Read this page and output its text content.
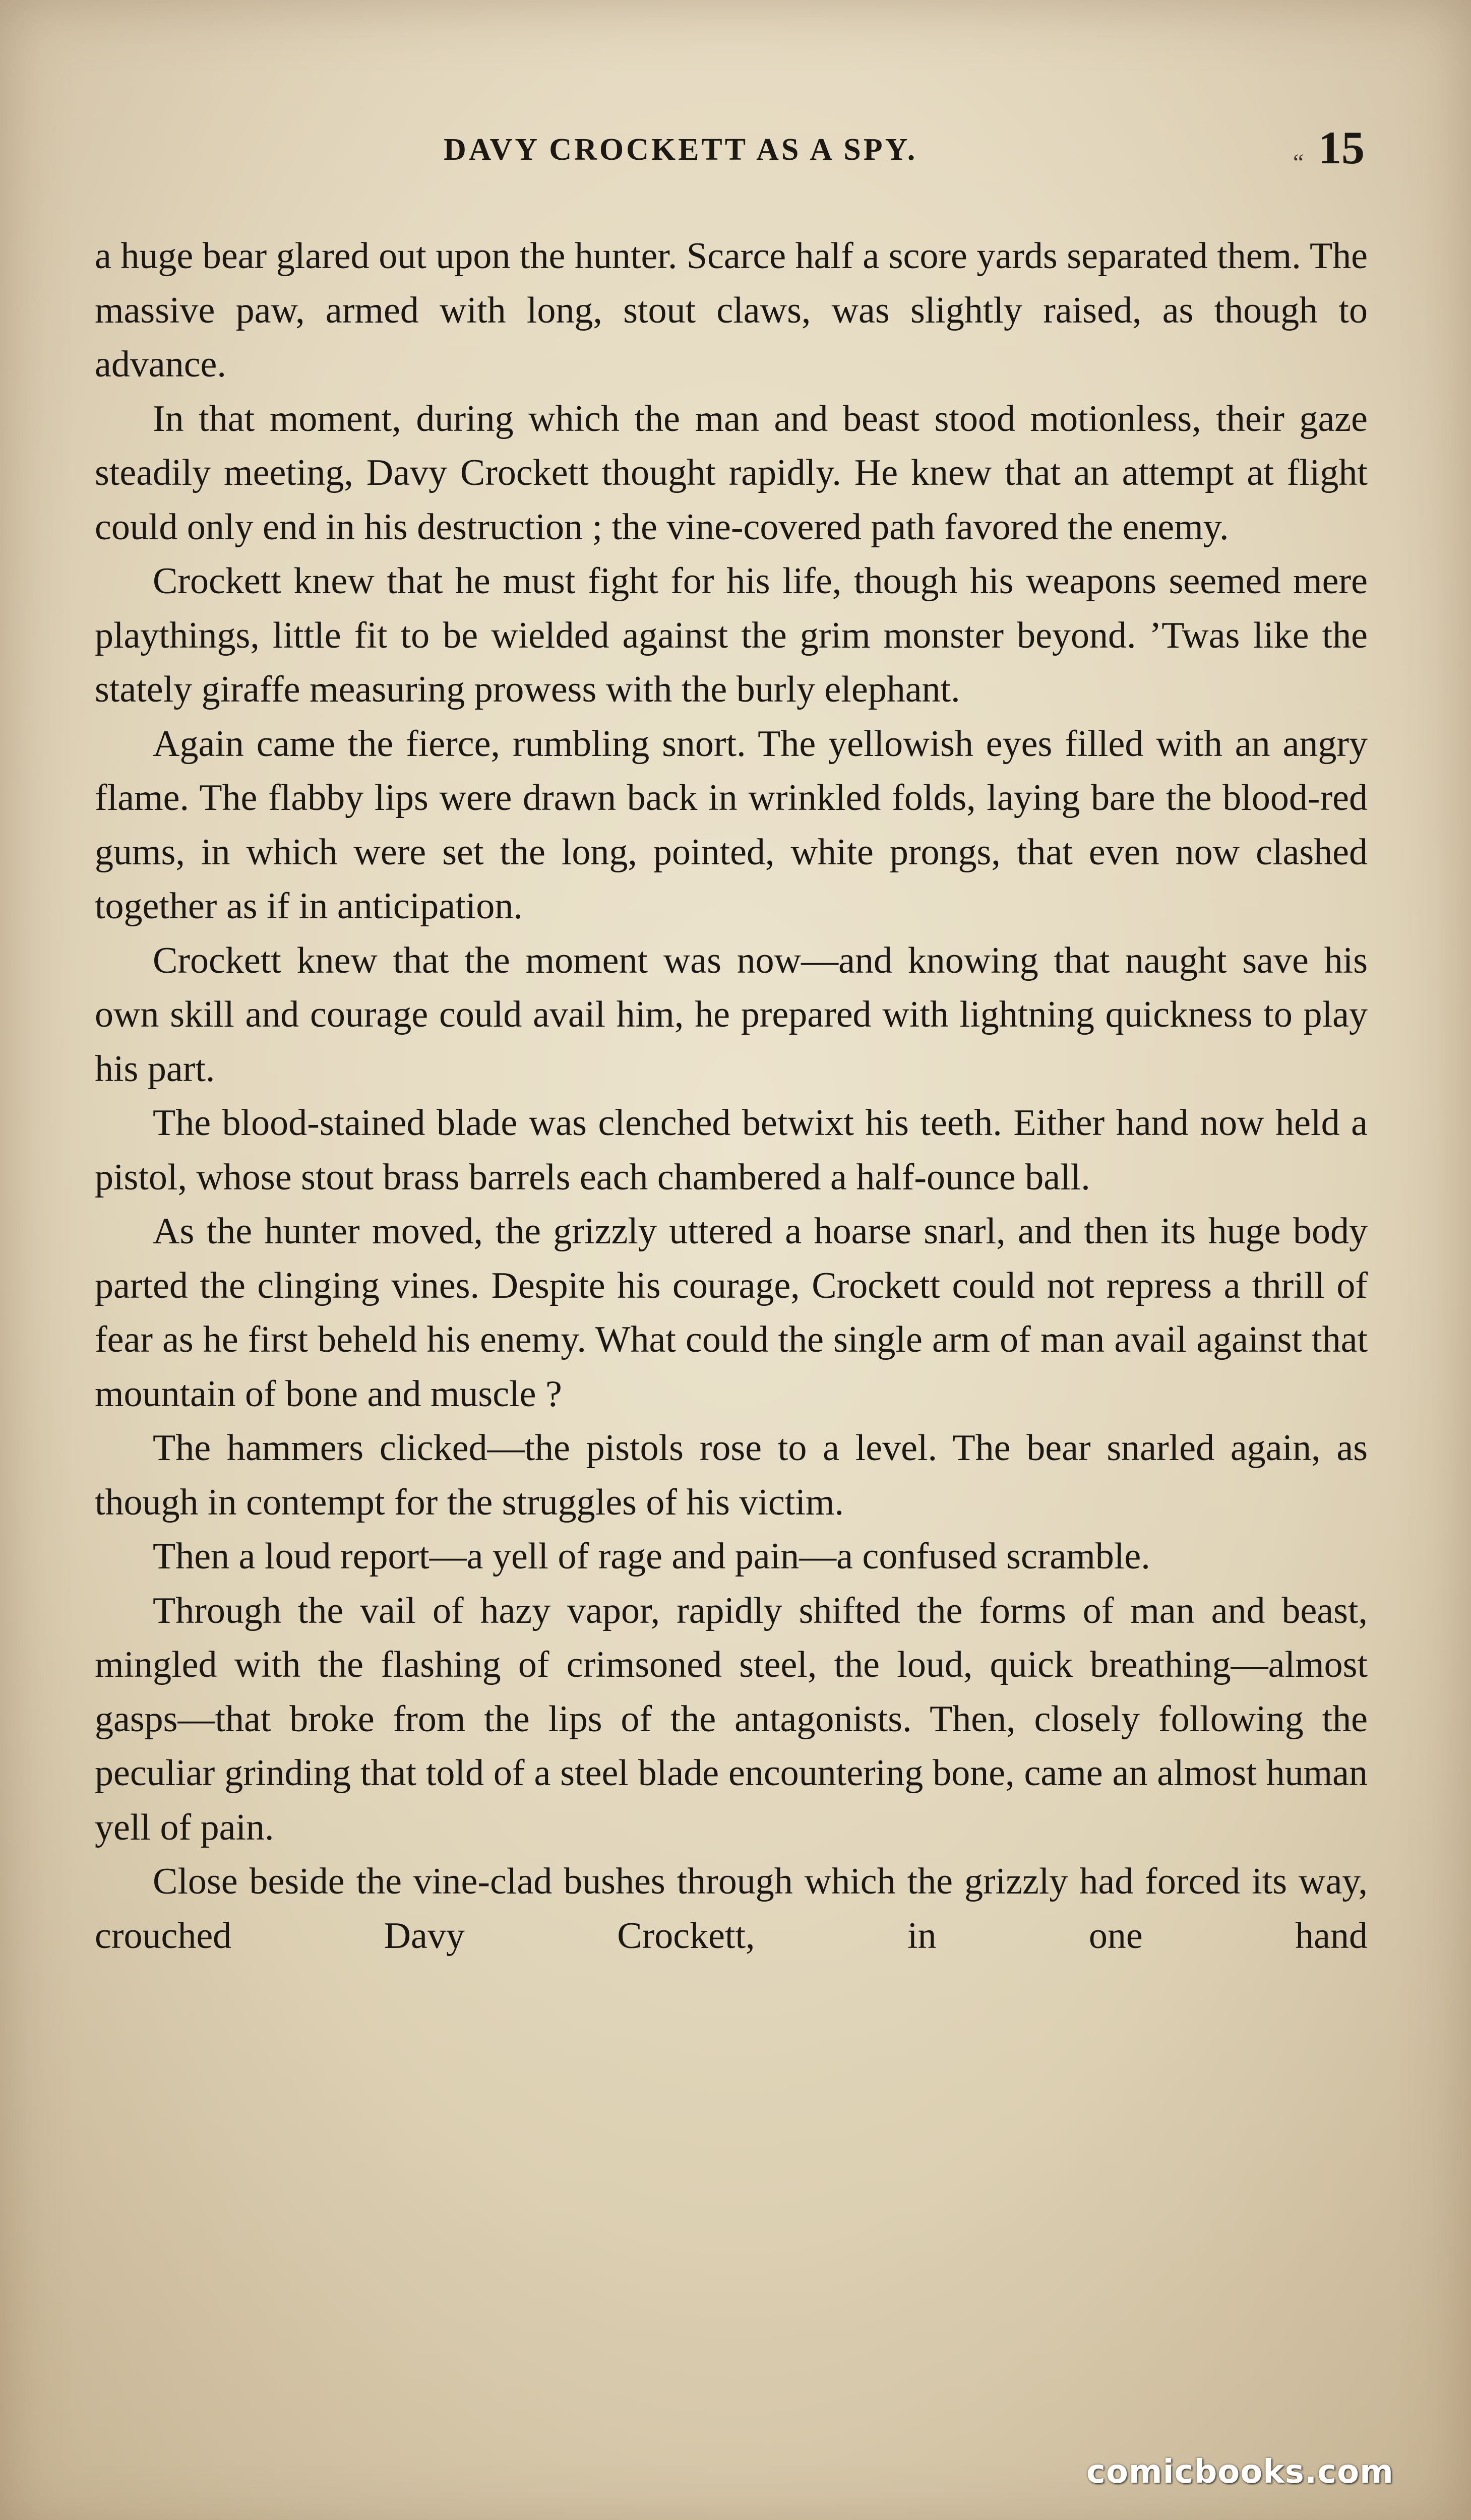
“
DAVY CROCKETT AS A SPY.	15

a huge bear glared out upon the hunter. Scarce half a score yards separated them. The massive paw, armed with long, stout claws, was slightly raised, as though to advance.

In that moment, during which the man and beast stood motionless, their gaze steadily meeting, Davy Crockett thought rapidly. He knew that an attempt at flight could only end in his destruction ; the vine-covered path favored the enemy.

Crockett knew that he must fight for his life, though his weapons seemed mere playthings, little fit to be wielded against the grim monster beyond. ’Twas like the stately giraffe measuring prowess with the burly elephant.

Again came the fierce, rumbling snort. The yellowish eyes filled with an angry flame. The flabby lips were drawn back in wrinkled folds, laying bare the blood-red gums, in which were set the long, pointed, white prongs, that even now clashed together as if in anticipation.

Crockett knew that the moment was now—and knowing that naught save his own skill and courage could avail him, he prepared with lightning quickness to play his part.

The blood-stained blade was clenched betwixt his teeth. Either hand now held a pistol, whose stout brass barrels each chambered a half-ounce ball.

As the hunter moved, the grizzly uttered a hoarse snarl, and then its huge body parted the clinging vines. Despite his courage, Crockett could not repress a thrill of fear as he first beheld his enemy. What could the single arm of man avail against that mountain of bone and muscle ?

The hammers clicked—the pistols rose to a level. The bear snarled again, as though in contempt for the struggles of his victim.

Then a loud report—a yell of rage and pain—a confused scramble.

Through the vail of hazy vapor, rapidly shifted the forms of man and beast, mingled with the flashing of crimsoned steel, the loud, quick breathing—almost gasps—that broke from the lips of the antagonists. Then, closely following the peculiar grinding that told of a steel blade encountering bone, came an almost human yell of pain.

Close beside the vine-clad bushes through which the grizzly had forced its way, crouched Davy Crockett, in one hand

comicbooks.com
